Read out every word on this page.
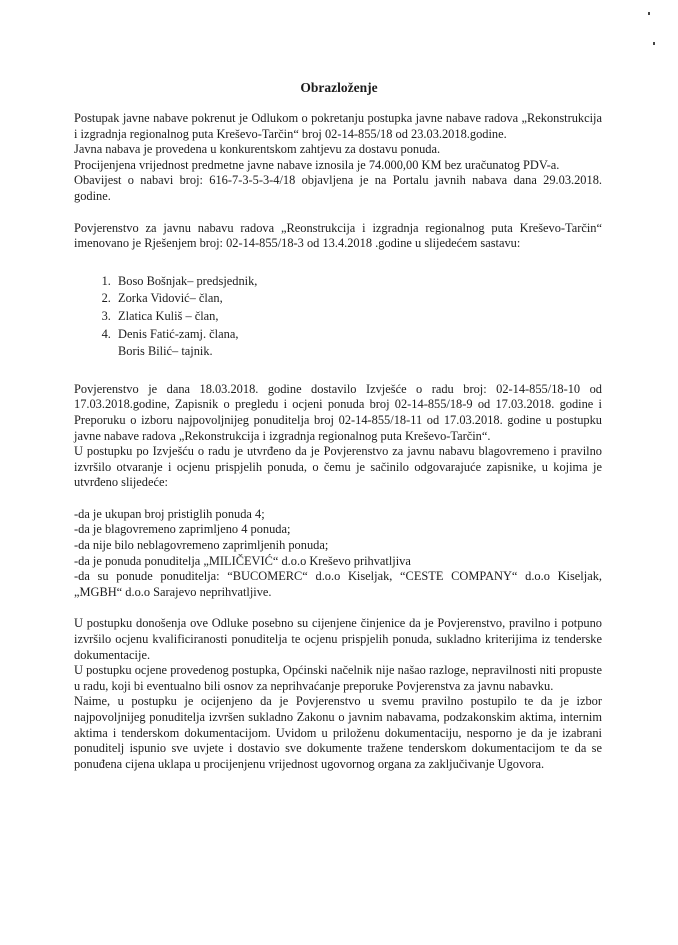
Obrazloženje

Postupak javne nabave pokrenut je Odlukom o pokretanju postupka javne nabave radova „Rekonstrukcija i izgradnja regionalnog puta Kreševo-Tarčin“ broj 02-14-855/18 od 23.03.2018.godine.

Javna nabava je provedena u konkurentskom zahtjevu za dostavu ponuda.

Procijenjena vrijednost predmetne javne nabave iznosila je 74.000,00 KM bez uračunatog PDV-a.

Obavijest o nabavi broj: 616-7-3-5-3-4/18 objavljena je na Portalu javnih nabava dana 29.03.2018. godine.

Povjerenstvo za javnu nabavu radova „Reonstrukcija i izgradnja regionalnog puta Kreševo-Tarčin“ imenovano je Rješenjem broj: 02-14-855/18-3 od 13.4.2018 .godine u slijedećem sastavu:

1. Boso Bošnjak– predsjednik,
2. Zorka Vidović– član,
3. Zlatica Kuliš – član,
4. Denis Fatić-zamj. člana,
Boris Bilić– tajnik.

Povjerenstvo je dana 18.03.2018. godine dostavilo Izvješće o radu broj: 02-14-855/18-10 od 17.03.2018.godine, Zapisnik o pregledu i ocjeni ponuda broj 02-14-855/18-9 od 17.03.2018. godine i Preporuku o izboru najpovoljnijeg ponuditelja broj 02-14-855/18-11 od 17.03.2018. godine u postupku javne nabave radova „Rekonstrukcija i izgradnja regionalnog puta Kreševo-Tarčin“.

U postupku po Izvješću o radu je utvrđeno da je Povjerenstvo za javnu nabavu blagovremeno i pravilno izvršilo otvaranje i ocjenu prispjelih ponuda, o čemu je sačinilo odgovarajuće zapisnike, u kojima je utvrđeno slijedeće:

-da je ukupan broj pristiglih ponuda 4;

-da je blagovremeno zaprimljeno 4 ponuda;

-da nije bilo neblagovremeno zaprimljenih ponuda;

-da je ponuda ponuditelja „MILIČEVIĆ“ d.o.o Kreševo prihvatljiva

-da su ponude ponuditelja: “BUCOMERC“ d.o.o Kiseljak, “CESTE COMPANY“ d.o.o Kiseljak, „MGBH“ d.o.o Sarajevo neprihvatljive.

U postupku donošenja ove Odluke posebno su cijenjene činjenice da je Povjerenstvo, pravilno i potpuno izvršilo ocjenu kvalificiranosti ponuditelja te ocjenu prispjelih ponuda, sukladno kriterijima iz tenderske dokumentacije.

U postupku ocjene provedenog postupka, Općinski načelnik nije našao razloge, nepravilnosti niti propuste u radu, koji bi eventualno bili osnov za neprihvaćanje preporuke Povjerenstva za javnu nabavku.

Naime, u postupku je ocijenjeno da je Povjerenstvo u svemu pravilno postupilo te da je izbor najpovoljnijeg ponuditelja izvršen sukladno Zakonu o javnim nabavama, podzakonskim aktima, internim aktima i tenderskom dokumentacijom. Uvidom u priloženu dokumentaciju, nesporno je da je izabrani ponuditelj ispunio sve uvjete i dostavio sve dokumente tražene tenderskom dokumentacijom te da se ponuđena cijena uklapa u procijenjenu vrijednost ugovornog organa za zaključivanje Ugovora.
